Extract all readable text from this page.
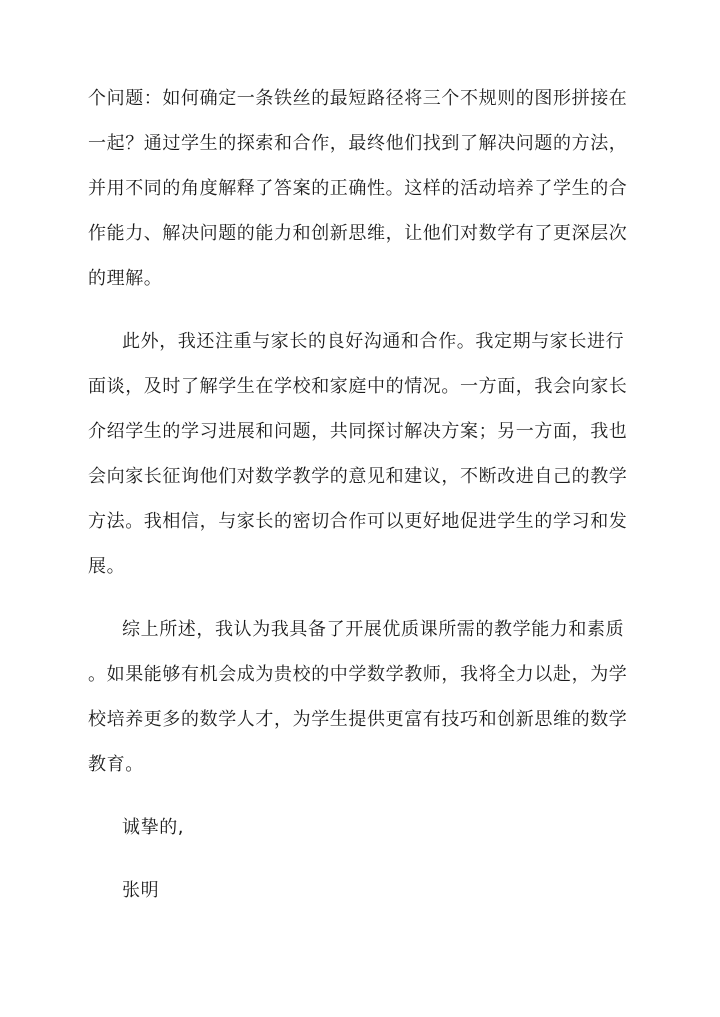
个问题：如何确定一条铁丝的最短路径将三个不规则的图形拼接在
一起？通过学生的探索和合作，最终他们找到了解决问题的方法，
并用不同的角度解释了答案的正确性。这样的活动培养了学生的合
作能力、解决问题的能力和创新思维，让他们对数学有了更深层次
的理解。
此外，我还注重与家长的良好沟通和合作。我定期与家长进行
面谈，及时了解学生在学校和家庭中的情况。一方面，我会向家长
介绍学生的学习进展和问题，共同探讨解决方案；另一方面，我也
会向家长征询他们对数学教学的意见和建议，不断改进自己的教学
方法。我相信，与家长的密切合作可以更好地促进学生的学习和发
展。
综上所述，我认为我具备了开展优质课所需的教学能力和素质
。如果能够有机会成为贵校的中学数学教师，我将全力以赴，为学
校培养更多的数学人才，为学生提供更富有技巧和创新思维的数学
教育。
诚挚的,
张明
